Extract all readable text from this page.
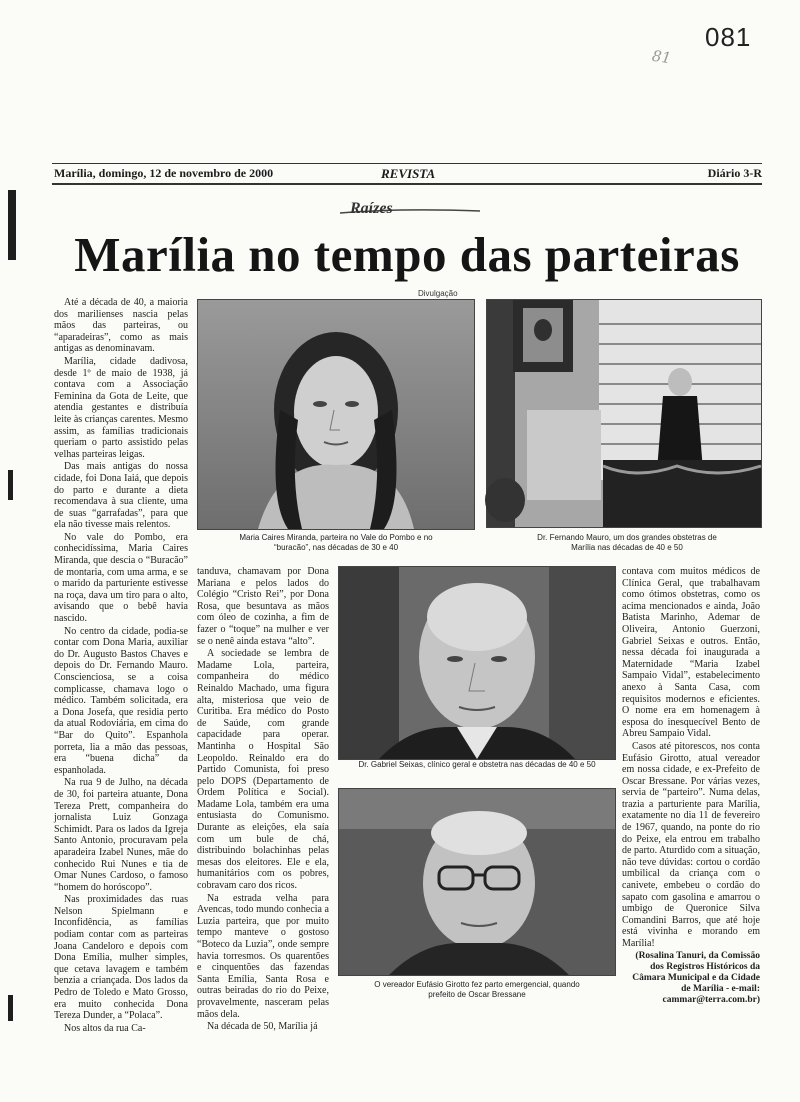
081
81
Marília, domingo, 12 de novembro de 2000	REVISTA	Diário 3-R
Raízes
Marília no tempo das parteiras
Divulgação
Maria Caires Miranda, parteira no Vale do Pombo e no “buracão”, nas décadas de 30 e 40
Dr. Fernando Mauro, um dos grandes obstetras de Marília nas décadas de 40 e 50
Dr. Gabriel Seixas, clínico geral e obstetra nas décadas de 40 e 50
O vereador Eufásio Girotto fez parto emergencial, quando prefeito de Oscar Bressane

Até a década de 40, a maioria dos marilienses nascia pelas mãos das parteiras, ou “aparadeiras”, como as mais antigas as denominavam.

Marília, cidade dadivosa, desde 1º de maio de 1938, já contava com a Associação Feminina da Gota de Leite, que atendia gestantes e distribuía leite às crianças carentes. Mesmo assim, as famílias tradicionais queriam o parto assistido pelas velhas parteiras leigas.

Das mais antigas do nossa cidade, foi Dona Iaiá, que depois do parto e durante a dieta recomendava à sua cliente, uma de suas “garrafadas”, para que ela não tivesse mais relentos.

No vale do Pombo, era conhecidíssima, Maria Caires Miranda, que descia o “Buracão” de montaria, com uma arma, e se o marido da parturiente estivesse na roça, dava um tiro para o alto, avisando que o bebê havia nascido.

No centro da cidade, podia-se contar com Dona Maria, auxiliar do Dr. Augusto Bastos Chaves e depois do Dr. Fernando Mauro. Conscienciosa, se a coisa complicasse, chamava logo o médico. Também solicitada, era a Dona Josefa, que residia perto da atual Rodoviária, em cima do “Bar do Quito”. Espanhola porreta, lia a mão das pessoas, era “buena dicha” da espanholada.

Na rua 9 de Julho, na década de 30, foi parteira atuante, Dona Tereza Prett, companheira do jornalista Luiz Gonzaga Schimidt. Para os lados da Igreja Santo Antonio, procuravam pela aparadeira Izabel Nunes, mãe do conhecido Rui Nunes e tia de Omar Nunes Cardoso, o famoso “homem do horóscopo”.

Nas proximidades das ruas Nelson Spielmann e Inconfidência, as famílias podiam contar com as parteiras Joana Candeloro e depois com Dona Emília, mulher simples, que cetava lavagem e também benzia a criançada. Dos lados da Pedro de Toledo e Mato Grosso, era muito conhecida Dona Tereza Dunder, a “Polaca”.

Nos altos da rua Ca-

tanduva, chamavam por Dona Mariana e pelos lados do Colégio “Cristo Rei”, por Dona Rosa, que besuntava as mãos com óleo de cozinha, a fim de fazer o “toque” na mulher e ver se o nenê ainda estava “alto”.

A sociedade se lembra de Madame Lola, parteira, companheira do médico Reinaldo Machado, uma figura alta, misteriosa que veio de Curitiba. Era médico do Posto de Saúde, com grande capacidade para operar. Mantinha o Hospital São Leopoldo. Reinaldo era do Partido Comunista, foi preso pelo DOPS (Departamento de Ordem Política e Social). Madame Lola, também era uma entusiasta do Comunismo. Durante as eleições, ela saía com um bule de chá, distribuindo bolachinhas pelas mesas dos eleitores. Ele e ela, humanitários com os pobres, cobravam caro dos ricos.

Na estrada velha para Avencas, todo mundo conhecia a Luzia parteira, que por muito tempo manteve o gostoso “Boteco da Luzia”, onde sempre havia torresmos. Os quarentões e cinquentões das fazendas Santa Emília, Santa Rosa e outras beiradas do rio do Peixe, provavelmente, nasceram pelas mãos dela.

Na década de 50, Marília já

contava com muitos médicos de Clínica Geral, que trabalhavam como ótimos obstetras, como os acima mencionados e ainda, João Batista Marinho, Ademar de Oliveira, Antonio Guerzoni, Gabriel Seixas e outros. Então, nessa década foi inaugurada a Maternidade “Maria Izabel Sampaio Vidal”, estabelecimento anexo à Santa Casa, com requisitos modernos e eficientes. O nome era em homenagem à esposa do inesquecível Bento de Abreu Sampaio Vidal.

Casos até pitorescos, nos conta Eufásio Girotto, atual vereador em nossa cidade, e ex-Prefeito de Oscar Bressane. Por várias vezes, servia de “parteiro”. Numa delas, trazia a parturiente para Marília, exatamente no dia 11 de fevereiro de 1967, quando, na ponte do rio do Peixe, ela entrou em trabalho de parto. Aturdido com a situação, não teve dúvidas: cortou o cordão umbilical da criança com o canivete, embebeu o cordão do sapato com gasolina e amarrou o umbigo de Queronice Silva Comandini Barros, que até hoje está vivinha e morando em Marília!

(Rosalina Tanuri, da Comissão dos Registros Históricos da Câmara Municipal e da Cidade de Marília - e-mail: cammar@terra.com.br)
